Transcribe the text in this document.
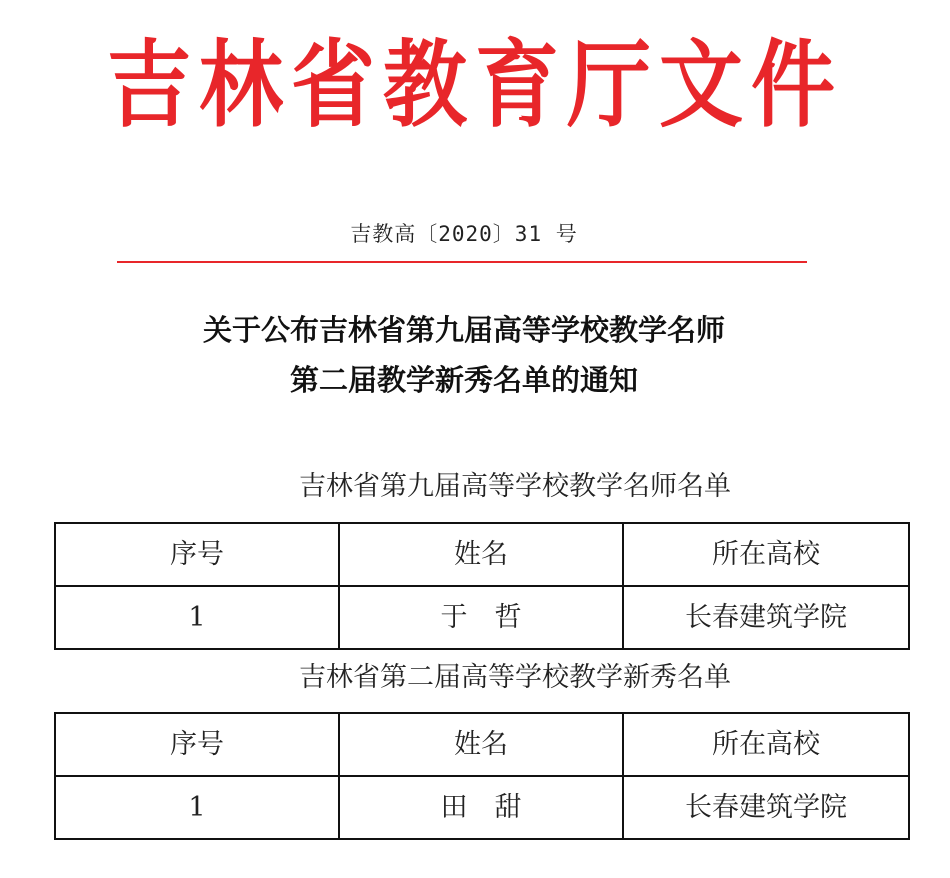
吉林省教育厅文件
吉教高〔2020〕31 号
关于公布吉林省第九届高等学校教学名师
第二届教学新秀名单的通知
吉林省第九届高等学校教学名师名单
序号	姓名	所在高校
1	于　哲	长春建筑学院
吉林省第二届高等学校教学新秀名单
序号	姓名	所在高校
1	田　甜	长春建筑学院
